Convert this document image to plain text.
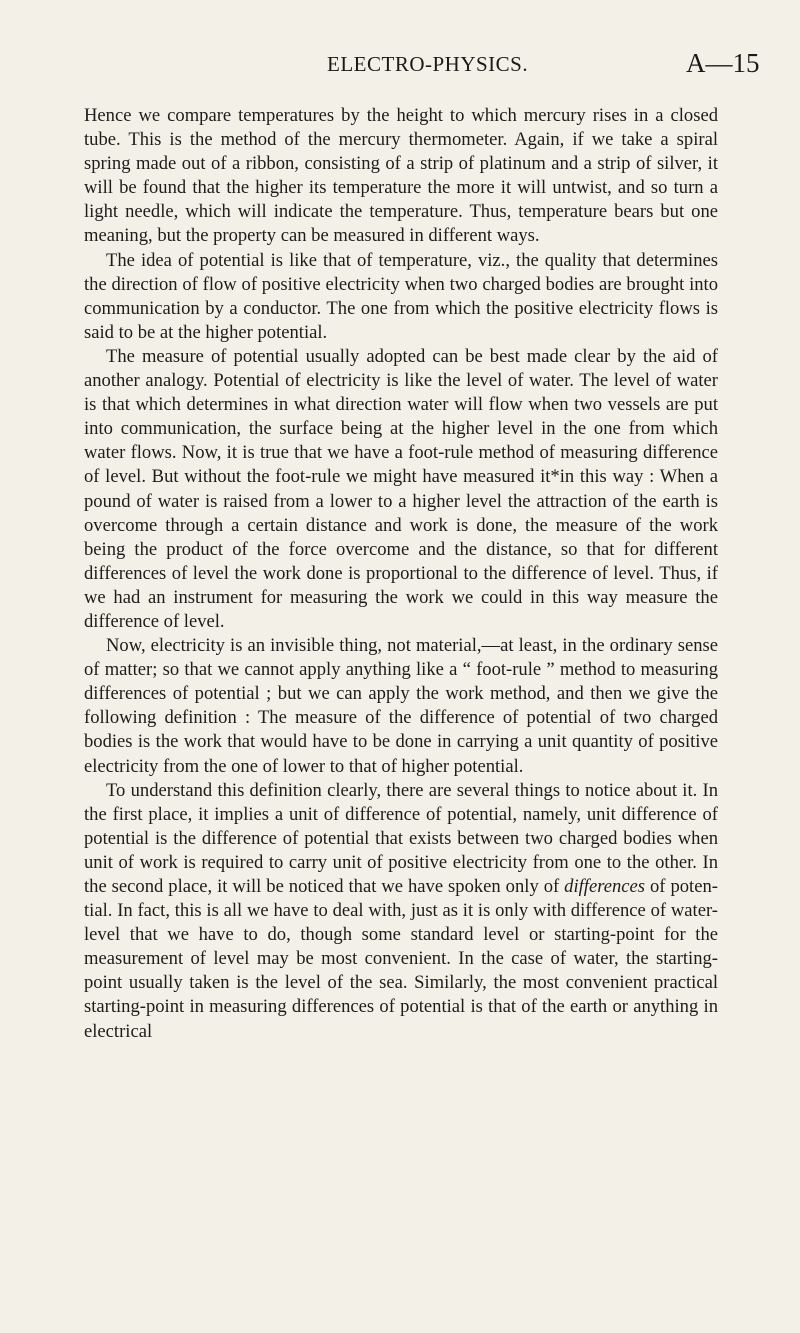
ELECTRO-PHYSICS.	A—15

Hence we compare temperatures by the height to which mercury rises in a closed tube. This is the method of the mercury thermometer. Again, if we take a spiral spring made out of a ribbon, consisting of a strip of platinum and a strip of silver, it will be found that the higher its temperature the more it will untwist, and so turn a light needle, which will indicate the temperature. Thus, temperature bears but one meaning, but the property can be measured in different ways.

The idea of potential is like that of temperature, viz., the quality that determines the direction of flow of positive electricity when two charged bodies are brought into communication by a conductor. The one from which the positive electricity flows is said to be at the higher potential.

The measure of potential usually adopted can be best made clear by the aid of another analogy. Potential of electricity is like the level of water. The level of water is that which determines in what direction water will flow when two vessels are put into communication, the surface being at the higher level in the one from which water flows. Now, it is true that we have a foot-rule method of measuring difference of level. But without the foot-rule we might have measured it*in this way : When a pound of water is raised from a lower to a higher level the attraction of the earth is overcome through a certain distance and work is done, the measure of the work being the product of the force overcome and the distance, so that for different differences of level the work done is proportional to the difference of level. Thus, if we had an instrument for measuring the work we could in this way measure the difference of level.

Now, electricity is an invisible thing, not material,—at least, in the ordinary sense of matter; so that we cannot apply anything like a “ foot-rule ” method to measuring differences of potential ; but we can apply the work method, and then we give the following definition : The measure of the difference of potential of two charged bodies is the work that would have to be done in carrying a unit quantity of positive electricity from the one of lower to that of higher potential.

To understand this definition clearly, there are several things to notice about it. In the first place, it implies a unit of difference of potential, namely, unit difference of potential is the difference of potential that exists between two charged bodies when unit of work is required to carry unit of positive electricity from one to the other. In the second place, it will be noticed that we have spoken only of differences of potential. In fact, this is all we have to deal with, just as it is only with difference of water-level that we have to do, though some standard level or starting-point for the measurement of level may be most convenient. In the case of water, the starting-point usually taken is the level of the sea. Similarly, the most convenient practical starting-point in measuring differences of potential is that of the earth or anything in electrical
